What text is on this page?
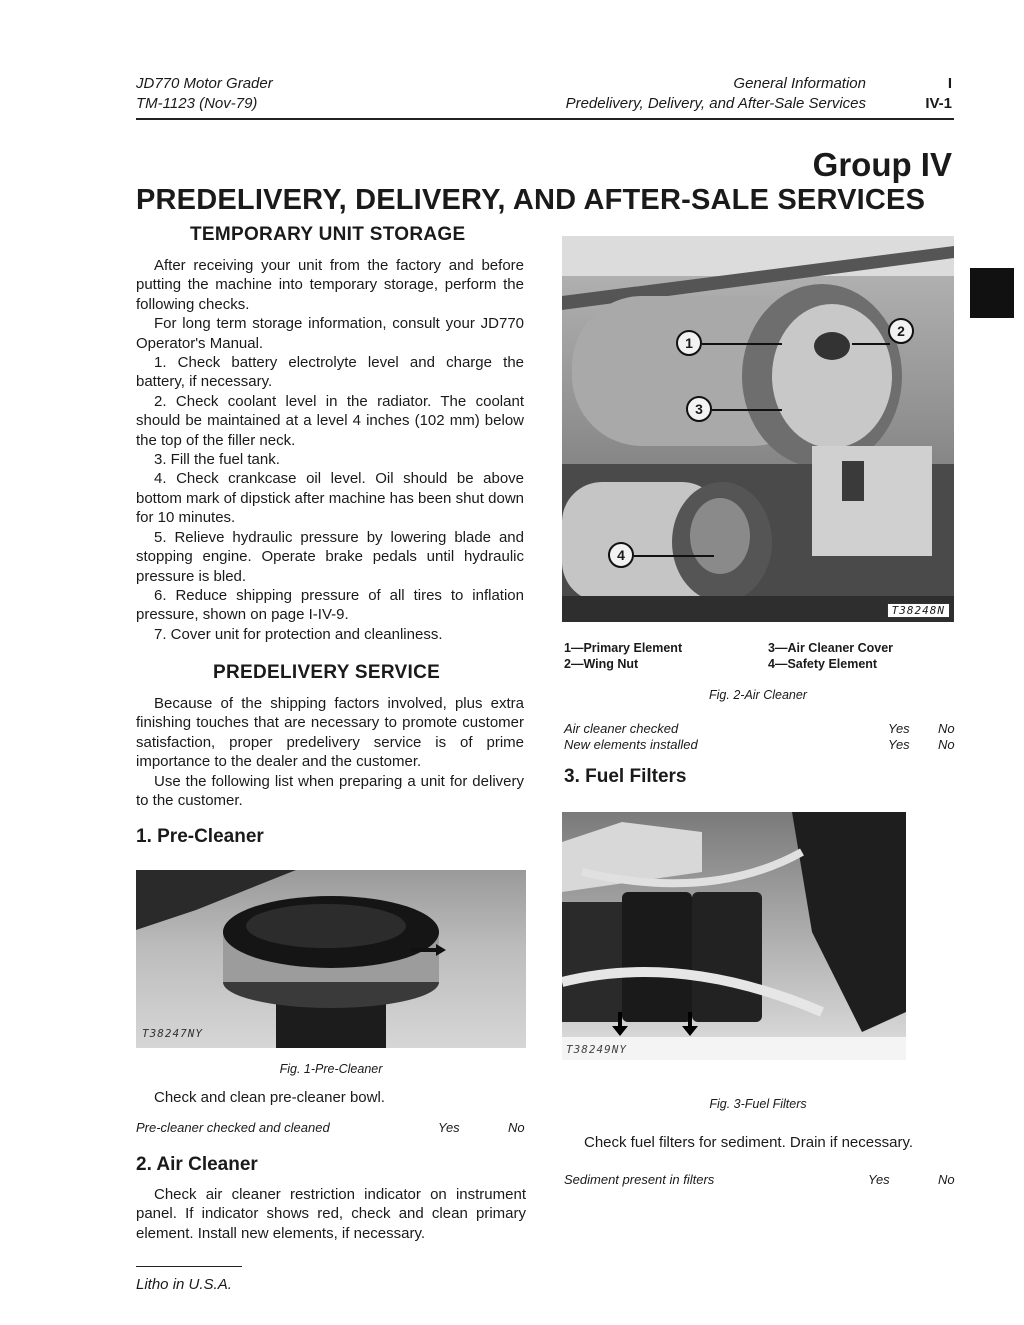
JD770 Motor Grader
TM-1123 (Nov-79)
General Information
Predelivery, Delivery, and After-Sale Services
I
IV-1
Group IV
PREDELIVERY, DELIVERY, AND AFTER-SALE SERVICES
TEMPORARY UNIT STORAGE

After receiving your unit from the factory and before putting the machine into temporary storage, perform the following checks.

For long term storage information, consult your JD770 Operator's Manual.

1. Check battery electrolyte level and charge the battery, if necessary.

2. Check coolant level in the radiator. The coolant should be maintained at a level 4 inches (102 mm) below the top of the filler neck.

3. Fill the fuel tank.

4. Check crankcase oil level. Oil should be above bottom mark of dipstick after machine has been shut down for 10 minutes.

5. Relieve hydraulic pressure by lowering blade and stopping engine. Operate brake pedals until hydraulic pressure is bled.

6. Reduce shipping pressure of all tires to inflation pressure, shown on page I-IV-9.

7. Cover unit for protection and cleanliness.

PREDELIVERY SERVICE

Because of the shipping factors involved, plus extra finishing touches that are necessary to promote customer satisfaction, proper predelivery service is of prime importance to the dealer and the customer.

Use the following list when preparing a unit for delivery to the customer.

1. Pre-Cleaner
T38247NY
Fig. 1-Pre-Cleaner
Check and clean pre-cleaner bowl.
Pre-cleaner checked and cleaned	Yes	No
2. Air Cleaner
Check air cleaner restriction indicator on instrument panel. If indicator shows red, check and clean primary element. Install new elements, if necessary.
1
2
3
4
T38248N
1—Primary Element
2—Wing Nut
3—Air Cleaner Cover
4—Safety Element
Fig. 2-Air Cleaner
Air cleaner checked	Yes No
New elements installed	Yes No
3. Fuel Filters
T38249NY
Fig. 3-Fuel Filters
Check fuel filters for sediment. Drain if necessary.
Sediment present in filters	Yes	No
Litho in U.S.A.
